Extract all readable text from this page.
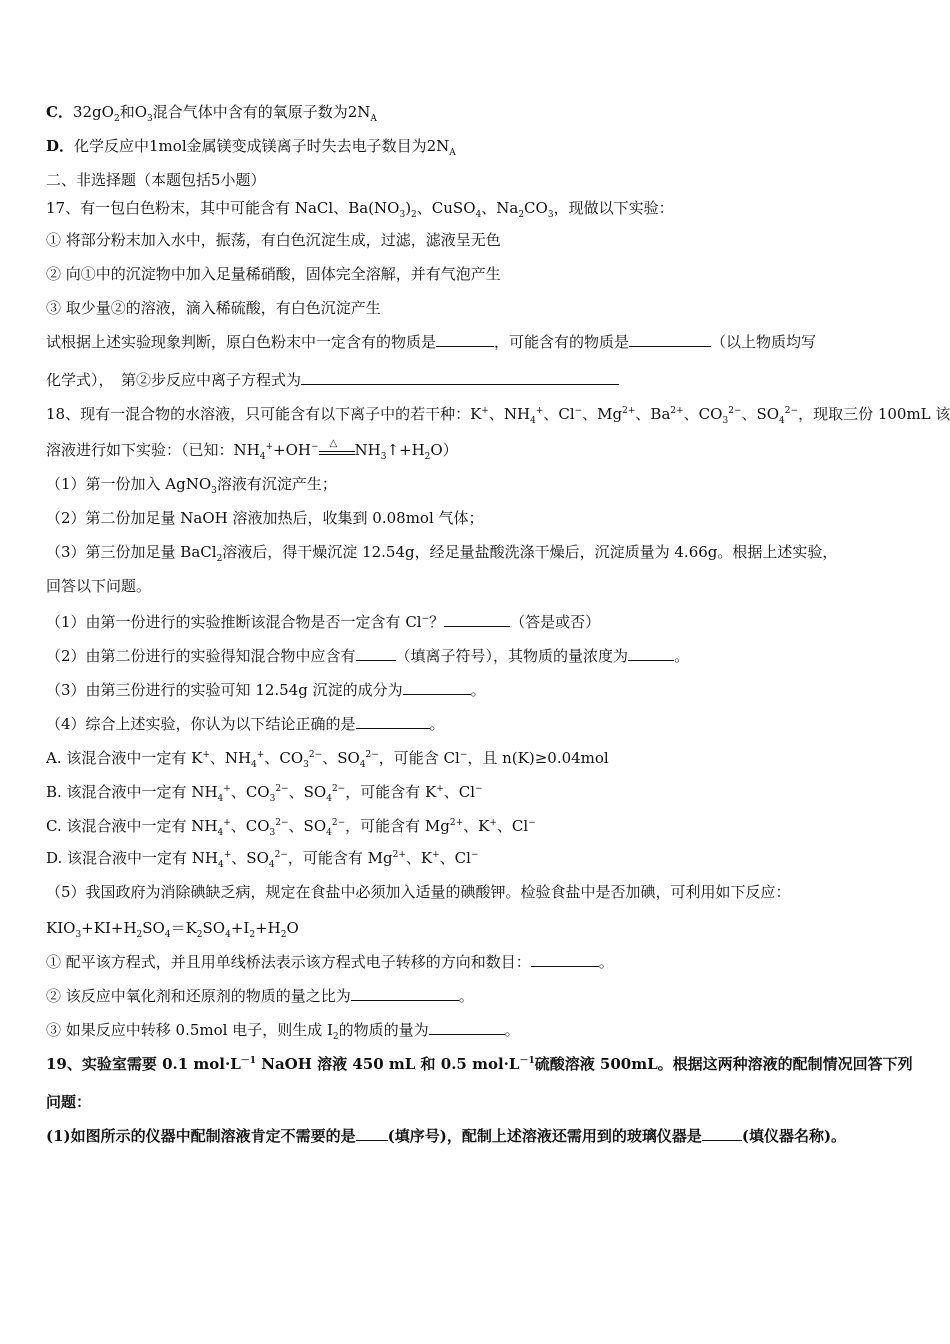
C．$32gO_2$和$O_3$混合气体中含有的氧原子数为$2N_A$
D．化学反应中1mol金属镁变成镁离子时失去电子数目为$2N_A$
二、非选择题（本题包括5小题）
17、有一包白色粉末，其中可能含有 NaCl、$Ba(NO_3)_2$、CuSO$_4$、$Na_2CO_3$，现做以下实验：
① 将部分粉末加入水中，振荡，有白色沉淀生成，过滤，滤液呈无色
② 向①中的沉淀物中加入足量稀硝酸，固体完全溶解，并有气泡产生
③ 取少量②的溶液，滴入稀硫酸，有白色沉淀产生
试根据上述实验现象判断，原白色粉末中一定含有的物质是	，可能含有的物质是	（以上物质均写
化学式），　第②步反应中离子方程式为
18、现有一混合物的水溶液，只可能含有以下离子中的若干种：K+、$NH_4^+$、Cl−、$Mg^{2+}$、$Ba^{2+}$、$CO_3^{2-}$、$SO_4^{2-}$，现取三份 100mL 该
溶液进行如下实验：（已知：$NH_4^++OH^-$ △ $NH_3↑+H_2O$）
（1）第一份加入 AgNO$_3$溶液有沉淀产生；
（2）第二份加足量 NaOH 溶液加热后，收集到 0.08mol 气体；
（3）第三份加足量 BaCl$_2$溶液后，得干燥沉淀 12.54g，经足量盐酸洗涤干燥后，沉淀质量为 4.66g。根据上述实验，
回答以下问题。
（1）由第一份进行的实验推断该混合物是否一定含有 Cl−？	（答是或否）
（2）由第二份进行的实验得知混合物中应含有	（填离子符号），其物质的量浓度为	。
（3）由第三份进行的实验可知 12.54g 沉淀的成分为	。
（4）综合上述实验，你认为以下结论正确的是	。
A. 该混合液中一定有 K+、$NH_4^+$、$CO_3^{2-}$、$SO_4^{2-}$，可能含 Cl−，且 n(K)≥0.04mol
B. 该混合液中一定有 $NH_4^+$、$CO_3^{2-}$、$SO_4^{2-}$，可能含有 K+、Cl−
C. 该混合液中一定有 $NH_4^+$、$CO_3^{2-}$、$SO_4^{2-}$，可能含有 $Mg^{2+}$、K+、Cl−
D. 该混合液中一定有 $NH_4^+$、$SO_4^{2-}$，可能含有 $Mg^{2+}$、K+、Cl−
（5）我国政府为消除碘缺乏病，规定在食盐中必须加入适量的碘酸钾。检验食盐中是否加碘，可利用如下反应：
$KIO_3+KI+H_2SO_4=K_2SO_4+I_2+H_2O$
① 配平该方程式，并且用单线桥法表示该方程式电子转移的方向和数目：	。
② 该反应中氧化剂和还原剂的物质的量之比为	。
③ 如果反应中转移 0.5mol 电子，则生成 $I_2$的物质的量为	。
19、实验室需要 0.1 $mol\cdot L^{-1}$ NaOH 溶液 450 mL 和 0.5 $mol\cdot L^{-1}$硫酸溶液 500mL。根据这两种溶液的配制情况回答下列
问题：
(1)如图所示的仪器中配制溶液肯定不需要的是 (填序号)，配制上述溶液还需用到的玻璃仪器是	(填仪器名称)。
